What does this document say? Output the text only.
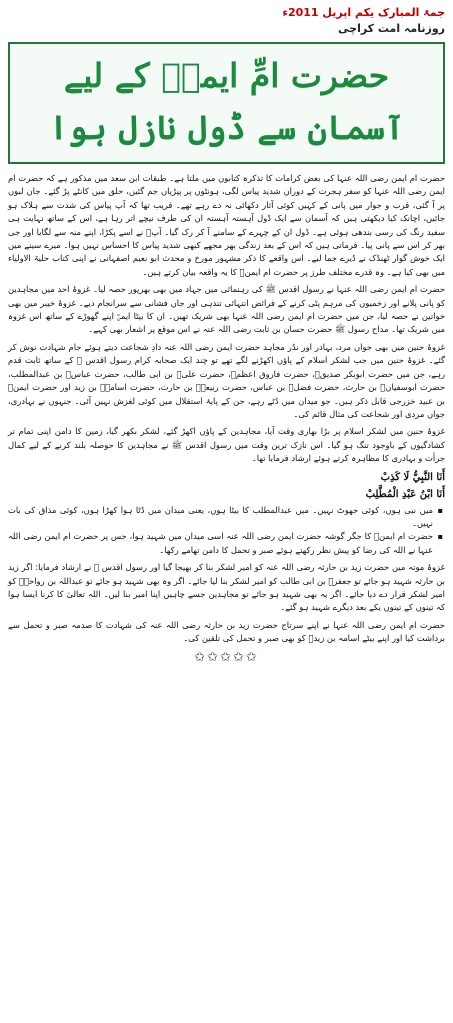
جمۃ المبارک یکم اپریل 2011ء
روزنامہ امت کراچی
حضرت امِّ ایمنؓ کے لیے
آسمان سے ڈول نازل ہوا

حضرت ام ایمن رضی اللہ عنہا کی بعض کرامات کا تذکرہ کتابوں میں ملتا ہے۔ طبقات ابن سعد میں مذکور ہے کہ حضرت ام ایمن رضی اللہ عنہا کو سفر ہجرت کے دوران شدید پیاس لگی، ہونٹوں پر پپڑیاں جم گئیں، حلق میں کانٹے پڑ گئے۔ جان لبوں پر آ گئی، قرب و جوار میں پانی کے کہیں کوئی آثار دکھائی نہ دے رہے تھے۔ قریب تھا کہ آپ پیاس کی شدت سے ہلاک ہو جائیں، اچانک کیا دیکھتی ہیں کہ آسمان سے ایک ڈول آہستہ آہستہ ان کی طرف نیچے اتر رہا ہے، اس کے ساتھ نہایت ہی سفید رنگ کی رسی بندھی ہوئی ہے۔ ڈول ان کے چہرے کے سامنے آ کر رک گیا۔ آپؓ نے اسے پکڑا، اپنے منہ سے لگایا اور جی بھر کر اس سے پانی پیا۔ فرماتی ہیں کہ اس کے بعد زندگی بھر مجھے کبھی شدید پیاس کا احساس نہیں ہوا۔ میرے سینے میں ایک خوش گوار ٹھنڈک نے ڈیرے جما لیے۔ اس واقعے کا ذکر مشہور مورخ و محدث ابو نعیم اصفہانی نے اپنی کتاب حلیۃ الاولیاء میں بھی کیا ہے۔ وہ قدرے مختلف طرز پر حضرت ام ایمنؓ کا یہ واقعہ بیان کرتے ہیں۔

حضرت ام ایمن رضی اللہ عنہا نے رسول اقدس ﷺ کی رہنمائی میں جہاد میں بھی بھرپور حصہ لیا۔ غزوۂ احد میں مجاہدین کو پانی پلانے اور زخمیوں کی مرہم پٹی کرنے کے فرائض انتہائی تندہی اور جاں فشانی سے سرانجام دیے۔ غزوۂ خیبر میں بھی خواتین نے حصہ لیا، جن میں حضرت ام ایمن رضی اللہ عنہا بھی شریک تھیں۔ ان کا بیٹا ایمنؓ اپنے گھوڑے کے ساتھ اس غزوہ میں شریک تھا۔ مداح رسول ﷺ حضرت حسان بن ثابت رضی اللہ عنہ نے اس موقع پر اشعار بھی کہے۔

غزوۂ حنین میں بھی جواں مرد، بہادر اور نڈر مجاہد حضرت ایمن رضی اللہ عنہ دادِ شجاعت دیتے ہوئے جام شہادت نوش کر گئے۔ غزوۂ حنین میں جب لشکر اسلام کے پاؤں اکھڑنے لگے تھے تو چند ایک صحابہ کرام رسول اقدس ﷺ کے ساتھ ثابت قدم رہے، جن میں حضرت ابوبکر صدیقؓ، حضرت فاروق اعظمؓ، حضرت علیؓ بن ابی طالب، حضرت عباسؓ بن عبدالمطلب، حضرت ابوسفیانؓ بن حارث، حضرت فضلؓ بن عباس، حضرت ربیعہؓ بن حارث، حضرت اسامہؓ بن زید اور حضرت ایمنؓ بن عبید خزرجی قابل ذکر ہیں۔ جو میدان میں ڈٹے رہے، جن کے پایۂ استقلال میں کوئی لغزش نہیں آئی۔ جنہوں نے بہادری، جواں مردی اور شجاعت کی مثال قائم کی۔

غزوۂ حنین میں لشکر اسلام پر بڑا بھاری وقت آیا، مجاہدین کے پاؤں اکھڑ گئے، لشکر بکھر گیا، زمین کا دامن اپنی تمام تر کشادگیوں کے باوجود تنگ ہو گیا۔ اس نازک ترین وقت میں رسول اقدس ﷺ نے مجاہدین کا حوصلہ بلند کرنے کے لیے کمال جرأت و بہادری کا مظاہرہ کرتے ہوئے ارشاد فرمایا تھا۔

أَنَا النَّبِيُّ لَا كَذِبْ
أَنَا ابْنُ عَبْدِ الْمُطَّلِبْ
▪ میں نبی ہوں، کوئی جھوٹ نہیں۔ میں عبدالمطلب کا بیٹا ہوں، یعنی میدان میں ڈٹا ہوا کھڑا ہوں، کوئی مذاق کی بات نہیں۔
▪ حضرت ام ایمنؓ کا جگر گوشہ حضرت ایمن رضی اللہ عنہ اسی میدان میں شہید ہوا، جس پر حضرت ام ایمن رضی اللہ عنہا نے اللہ کی رضا کو پیش نظر رکھتے ہوئے صبر و تحمل کا دامن تھامے رکھا۔

غزوۂ موتہ میں حضرت زید بن حارثہ رضی اللہ عنہ کو امیر لشکر بنا کر بھیجا گیا اور رسول اقدس ﷺ نے ارشاد فرمایا: اگر زید بن حارثہ شہید ہو جائے تو جعفرؓ بن ابی طالب کو امیر لشکر بنا لیا جائے۔ اگر وہ بھی شہید ہو جائے تو عبداللہ بن رواحہؓ کو امیر لشکر قرار دے دیا جائے۔ اگر یہ بھی شہید ہو جائے تو مجاہدین جسے چاہیں اپنا امیر بنا لیں۔ اللہ تعالیٰ کا کرنا ایسا ہوا کہ تینوں کے تینوں یکے بعد دیگرے شہید ہو گئے۔

حضرت ام ایمن رضی اللہ عنہا نے اپنے سرتاج حضرت زید بن حارثہ رضی اللہ عنہ کی شہادت کا صدمہ صبر و تحمل سے برداشت کیا اور اپنے بیٹے اسامہ بن زیدؓ کو بھی صبر و تحمل کی تلقین کی۔

✩✩✩✩✩
